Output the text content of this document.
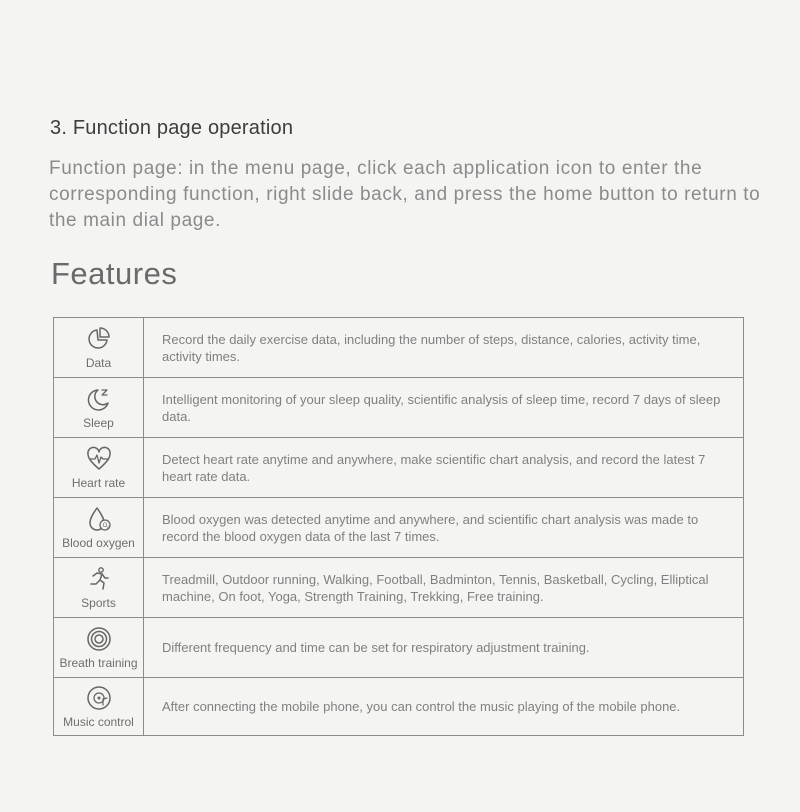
3. Function page operation
Function page: in the menu page, click each application icon to enter the corresponding function, right slide back, and press the home button to return to the main dial page.
Features
Data
Record the daily exercise data, including the number of steps, distance, calories, activity time, activity times.
Sleep
Intelligent monitoring of your sleep quality, scientific analysis of sleep time, record 7 days of sleep data.
Heart rate
Detect heart rate anytime and anywhere, make scientific chart analysis, and record the latest 7 heart rate data.
O 2
Blood oxygen
Blood oxygen was detected anytime and anywhere, and scientific chart analysis was made to record the blood oxygen data of the last 7 times.
Sports
Treadmill, Outdoor running, Walking, Football, Badminton, Tennis, Basketball, Cycling, Elliptical machine, On foot, Yoga, Strength Training, Trekking, Free training.
Breath training
Different frequency and time can be set for respiratory adjustment training.
Music control
After connecting the mobile phone, you can control the music playing of the mobile phone.
